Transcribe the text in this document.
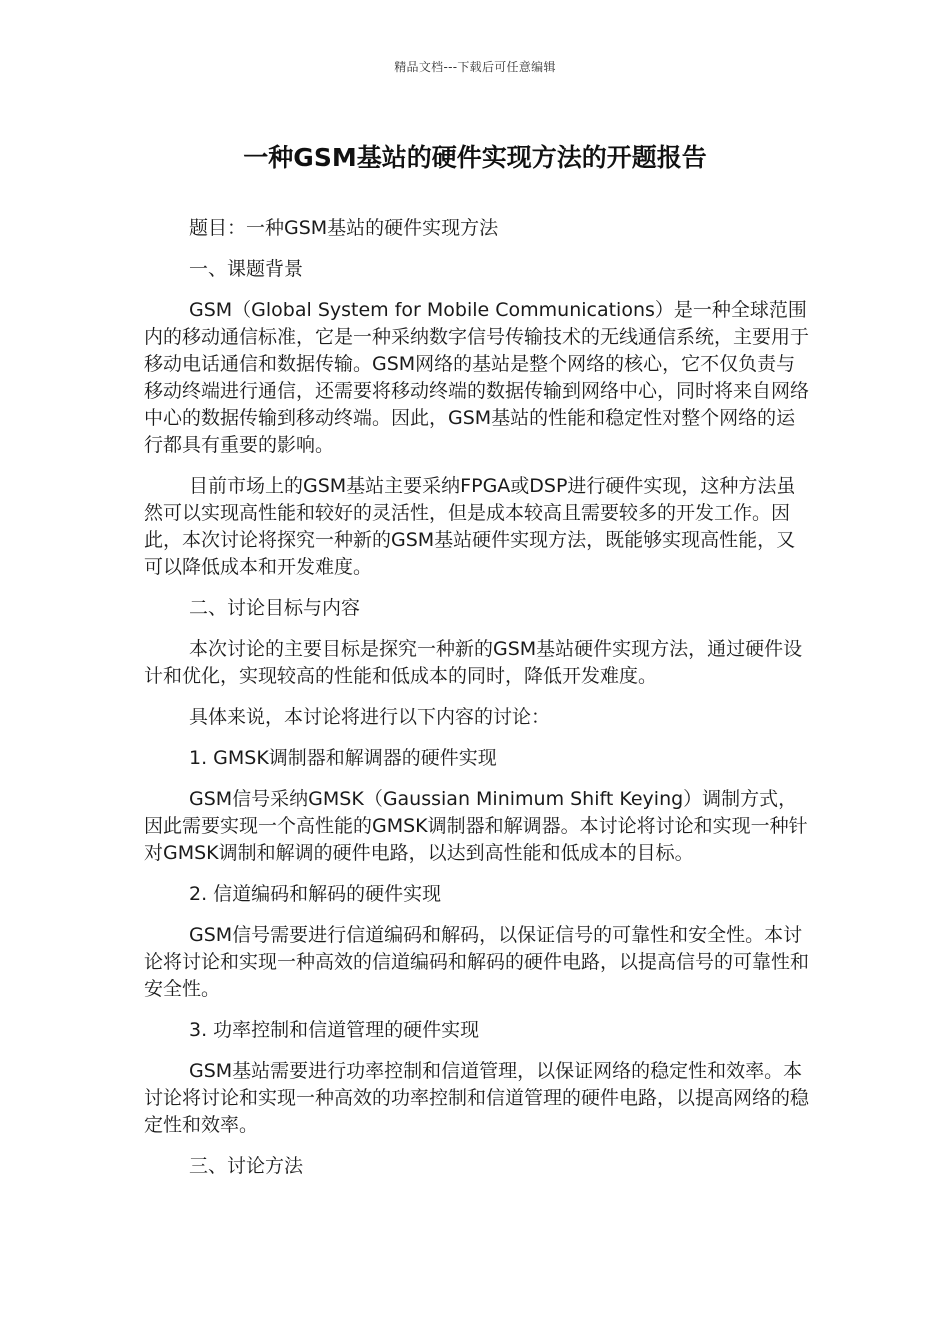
精品文档---下载后可任意编辑
一种GSM基站的硬件实现方法的开题报告

题目：一种GSM基站的硬件实现方法

一、课题背景

GSM（Global System for Mobile Communications）是一种全球范围内的移动通信标准，它是一种采纳数字信号传输技术的无线通信系统，主要用于移动电话通信和数据传输。GSM网络的基站是整个网络的核心，它不仅负责与移动终端进行通信，还需要将移动终端的数据传输到网络中心，同时将来自网络中心的数据传输到移动终端。因此，GSM基站的性能和稳定性对整个网络的运行都具有重要的影响。

目前市场上的GSM基站主要采纳FPGA或DSP进行硬件实现，这种方法虽然可以实现高性能和较好的灵活性，但是成本较高且需要较多的开发工作。因此，本次讨论将探究一种新的GSM基站硬件实现方法，既能够实现高性能，又可以降低成本和开发难度。

二、讨论目标与内容

本次讨论的主要目标是探究一种新的GSM基站硬件实现方法，通过硬件设计和优化，实现较高的性能和低成本的同时，降低开发难度。

具体来说，本讨论将进行以下内容的讨论：

1. GMSK调制器和解调器的硬件实现

GSM信号采纳GMSK（Gaussian Minimum Shift Keying）调制方式，因此需要实现一个高性能的GMSK调制器和解调器。本讨论将讨论和实现一种针对GMSK调制和解调的硬件电路，以达到高性能和低成本的目标。

2. 信道编码和解码的硬件实现

GSM信号需要进行信道编码和解码，以保证信号的可靠性和安全性。本讨论将讨论和实现一种高效的信道编码和解码的硬件电路，以提高信号的可靠性和安全性。

3. 功率控制和信道管理的硬件实现

GSM基站需要进行功率控制和信道管理，以保证网络的稳定性和效率。本讨论将讨论和实现一种高效的功率控制和信道管理的硬件电路，以提高网络的稳定性和效率。

三、讨论方法
